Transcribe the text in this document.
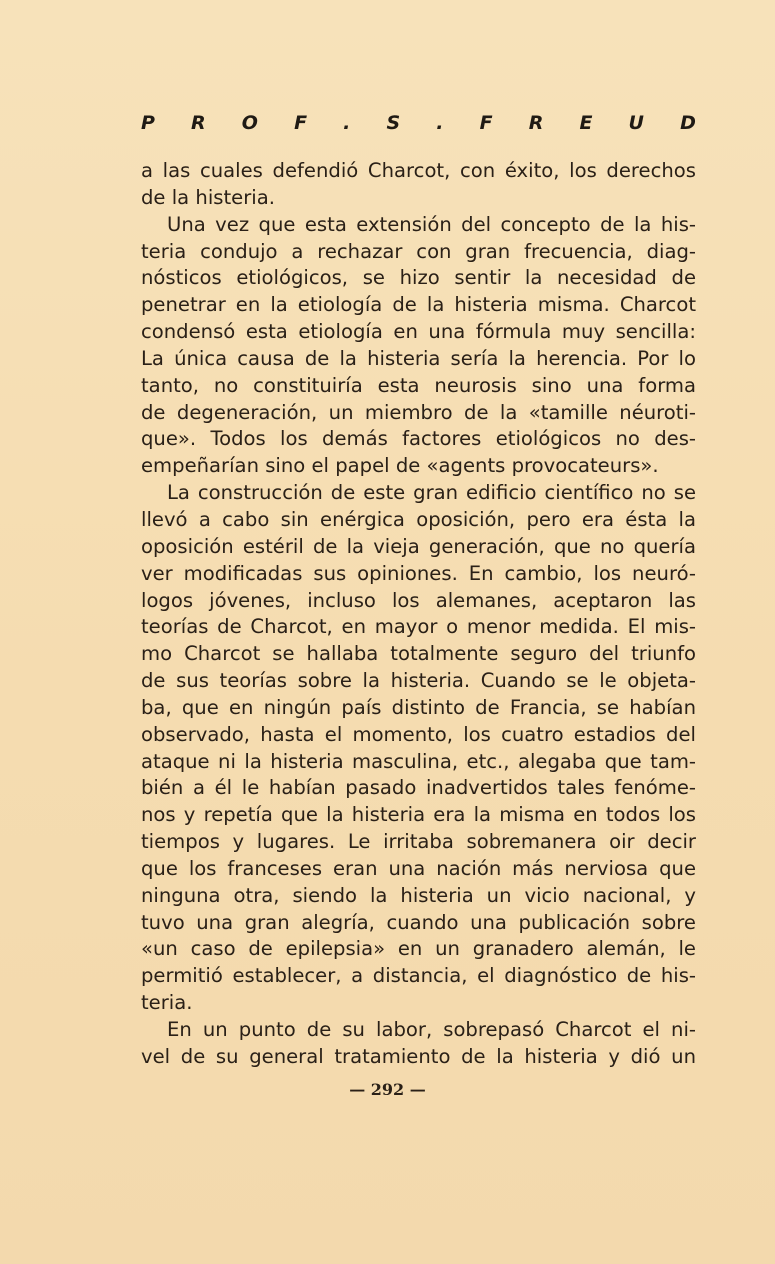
P R O F . S . F R E U D
a las cuales defendió Charcot, con éxito, los derechos
de la histeria.
Una vez que esta extensión del concepto de la his-
teria condujo a rechazar con gran frecuencia, diag-
nósticos etiológicos, se hizo sentir la necesidad de
penetrar en la etiología de la histeria misma. Charcot
condensó esta etiología en una fórmula muy sencilla:
La única causa de la histeria sería la herencia. Por lo
tanto, no constituiría esta neurosis sino una forma
de degeneración, un miembro de la «tamille néuroti-
que». Todos los demás factores etiológicos no des-
empeñarían sino el papel de «agents provocateurs».
La construcción de este gran edificio científico no se
llevó a cabo sin enérgica oposición, pero era ésta la
oposición estéril de la vieja generación, que no quería
ver modificadas sus opiniones. En cambio, los neuró-
logos jóvenes, incluso los alemanes, aceptaron las
teorías de Charcot, en mayor o menor medida. El mis-
mo Charcot se hallaba totalmente seguro del triunfo
de sus teorías sobre la histeria. Cuando se le objeta-
ba, que en ningún país distinto de Francia, se habían
observado, hasta el momento, los cuatro estadios del
ataque ni la histeria masculina, etc., alegaba que tam-
bién a él le habían pasado inadvertidos tales fenóme-
nos y repetía que la histeria era la misma en todos los
tiempos y lugares. Le irritaba sobremanera oir decir
que los franceses eran una nación más nerviosa que
ninguna otra, siendo la histeria un vicio nacional, y
tuvo una gran alegría, cuando una publicación sobre
«un caso de epilepsia» en un granadero alemán, le
permitió establecer, a distancia, el diagnóstico de his-
teria.
En un punto de su labor, sobrepasó Charcot el ni-
vel de su general tratamiento de la histeria y dió un
— 292 —
